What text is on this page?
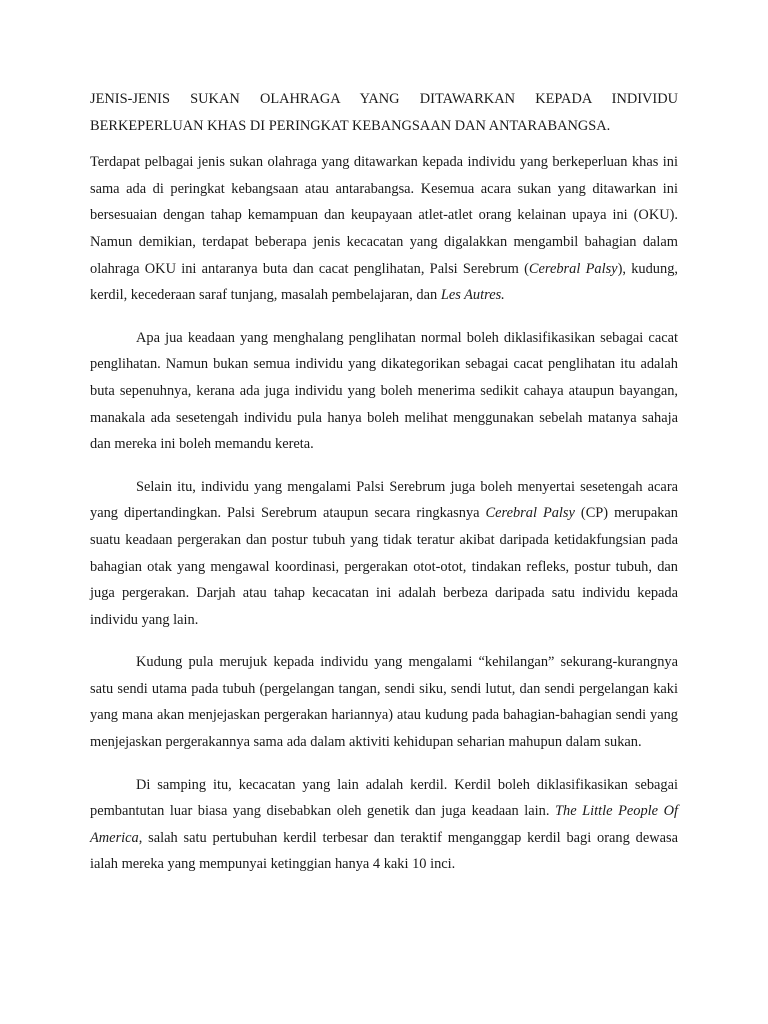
JENIS-JENIS SUKAN OLAHRAGA YANG DITAWARKAN KEPADA INDIVIDU
BERKEPERLUAN KHAS DI PERINGKAT KEBANGSAAN DAN ANTARABANGSA.

Terdapat pelbagai jenis sukan olahraga yang ditawarkan kepada individu yang berkeperluan khas ini sama ada di peringkat kebangsaan atau antarabangsa. Kesemua acara sukan yang ditawarkan ini bersesuaian dengan tahap kemampuan dan keupayaan atlet-atlet orang kelainan upaya ini (OKU). Namun demikian, terdapat beberapa jenis kecacatan yang digalakkan mengambil bahagian dalam olahraga OKU ini antaranya buta dan cacat penglihatan, Palsi Serebrum (Cerebral Palsy), kudung, kerdil, kecederaan saraf tunjang, masalah pembelajaran, dan Les Autres.

Apa jua keadaan yang menghalang penglihatan normal boleh diklasifikasikan sebagai cacat penglihatan. Namun bukan semua individu yang dikategorikan sebagai cacat penglihatan itu adalah buta sepenuhnya, kerana ada juga individu yang boleh menerima sedikit cahaya ataupun bayangan, manakala ada sesetengah individu pula hanya boleh melihat menggunakan sebelah matanya sahaja dan mereka ini boleh memandu kereta.

Selain itu, individu yang mengalami Palsi Serebrum juga boleh menyertai sesetengah acara yang dipertandingkan. Palsi Serebrum ataupun secara ringkasnya Cerebral Palsy (CP) merupakan suatu keadaan pergerakan dan postur tubuh yang tidak teratur akibat daripada ketidakfungsian pada bahagian otak yang mengawal koordinasi, pergerakan otot-otot, tindakan refleks, postur tubuh, dan juga pergerakan. Darjah atau tahap kecacatan ini adalah berbeza daripada satu individu kepada individu yang lain.

Kudung pula merujuk kepada individu yang mengalami “kehilangan” sekurang-kurangnya satu sendi utama pada tubuh (pergelangan tangan, sendi siku, sendi lutut, dan sendi pergelangan kaki yang mana akan menjejaskan pergerakan hariannya) atau kudung pada bahagian-bahagian sendi yang menjejaskan pergerakannya sama ada dalam aktiviti kehidupan seharian mahupun dalam sukan.

Di samping itu, kecacatan yang lain adalah kerdil. Kerdil boleh diklasifikasikan sebagai pembantutan luar biasa yang disebabkan oleh genetik dan juga keadaan lain. The Little People Of America, salah satu pertubuhan kerdil terbesar dan teraktif menganggap kerdil bagi orang dewasa ialah mereka yang mempunyai ketinggian hanya 4 kaki 10 inci.
